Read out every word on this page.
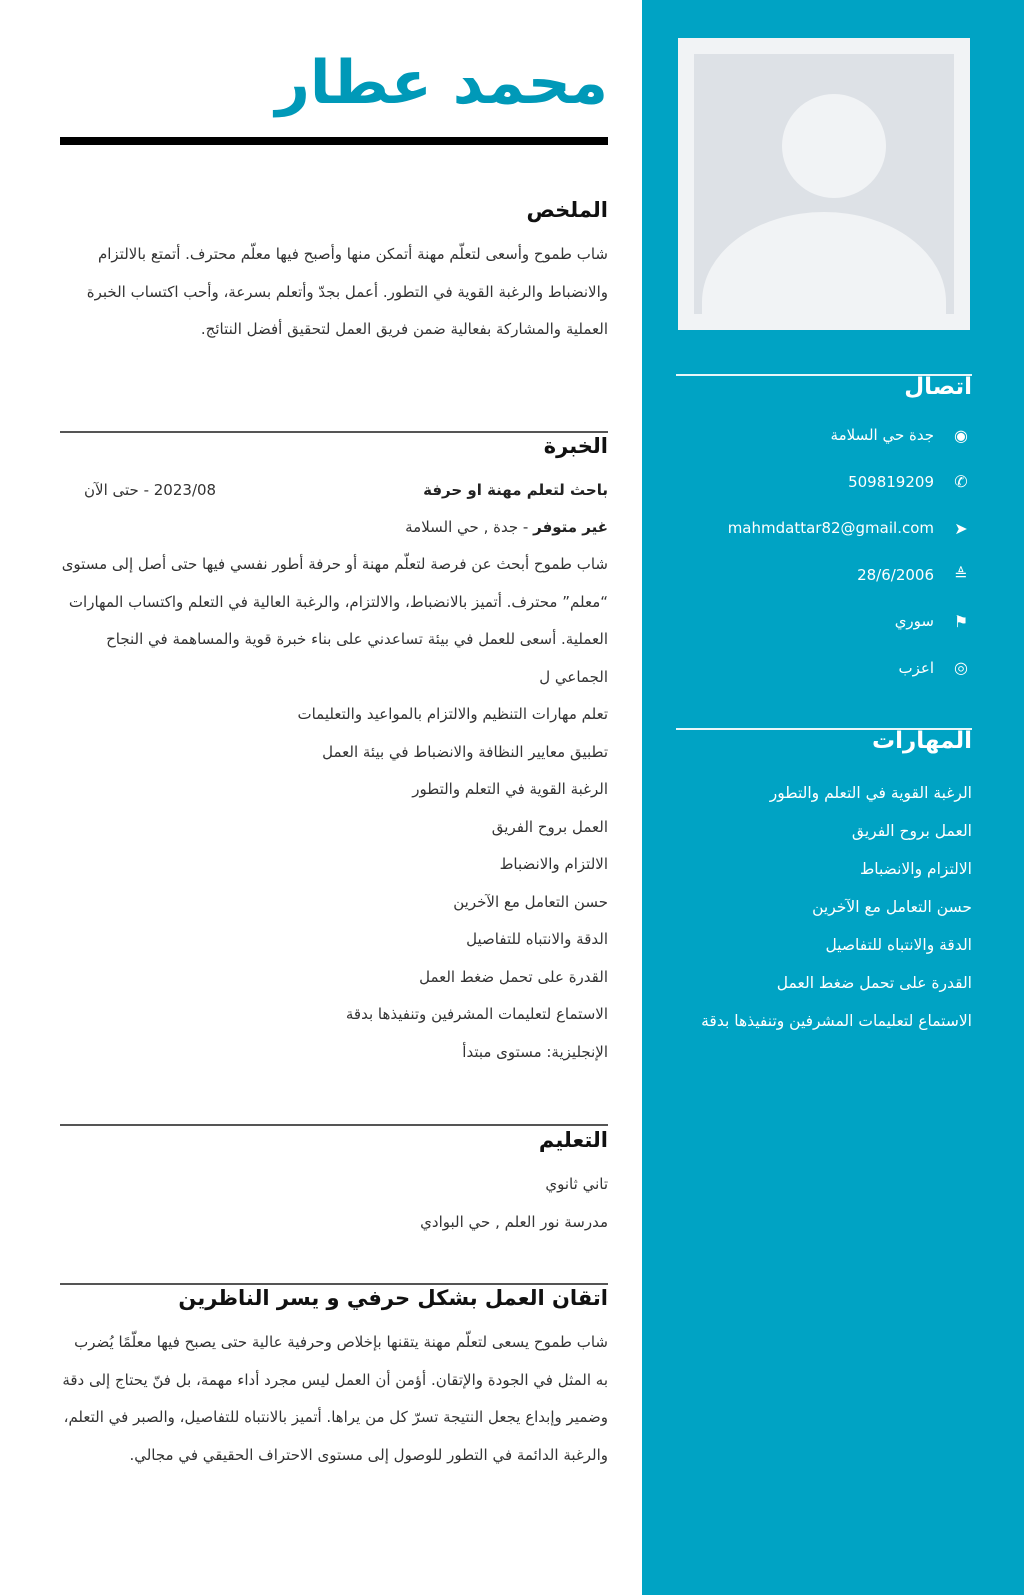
اتصال
◉
جدة حي السلامة
✆
509819209
➤
mahmdattar82@gmail.com
≜
28/6/2006
⚑
سوري
◎
اعزب
المهارات
الرغبة القوية في التعلم والتطور
العمل بروح الفريق
الالتزام والانضباط
حسن التعامل مع الآخرين
الدقة والانتباه للتفاصيل
القدرة على تحمل ضغط العمل
الاستماع لتعليمات المشرفين وتنفيذها بدقة
محمد عطار
الملخص
شاب طموح وأسعى لتعلّم مهنة أتمكن منها وأصبح فيها معلّم محترف. أتمتع بالالتزام والانضباط والرغبة القوية في التطور. أعمل بجدّ وأتعلم بسرعة، وأحب اكتساب الخبرة العملية والمشاركة بفعالية ضمن فريق العمل لتحقيق أفضل النتائج.
الخبرة
باحث لتعلم مهنة او حرفة
2023/08 - حتى الآن
غير متوفر

- جدة , حي السلامة
شاب طموح أبحث عن فرصة لتعلّم مهنة أو حرفة أطور نفسي فيها حتى أصل إلى مستوى “معلم” محترف. أتميز بالانضباط، والالتزام، والرغبة العالية في التعلم واكتساب المهارات العملية. أسعى للعمل في بيئة تساعدني على بناء خبرة قوية والمساهمة في النجاح الجماعي ل
تعلم مهارات التنظيم والالتزام بالمواعيد والتعليمات
تطبيق معايير النظافة والانضباط في بيئة العمل
الرغبة القوية في التعلم والتطور
العمل بروح الفريق
الالتزام والانضباط
حسن التعامل مع الآخرين
الدقة والانتباه للتفاصيل
القدرة على تحمل ضغط العمل
الاستماع لتعليمات المشرفين وتنفيذها بدقة
الإنجليزية: مستوى مبتدأ
التعليم
تاني ثانوي
مدرسة نور العلم , حي البوادي
اتقان العمل بشكل حرفي و يسر الناظرين
شاب طموح يسعى لتعلّم مهنة يتقنها بإخلاص وحرفية عالية حتى يصبح فيها معلّمًا يُضرب به المثل في الجودة والإتقان. أؤمن أن العمل ليس مجرد أداء مهمة، بل فنّ يحتاج إلى دقة وضمير وإبداع يجعل النتيجة تسرّ كل من يراها. أتميز بالانتباه للتفاصيل، والصبر في التعلم، والرغبة الدائمة في التطور للوصول إلى مستوى الاحتراف الحقيقي في مجالي.
